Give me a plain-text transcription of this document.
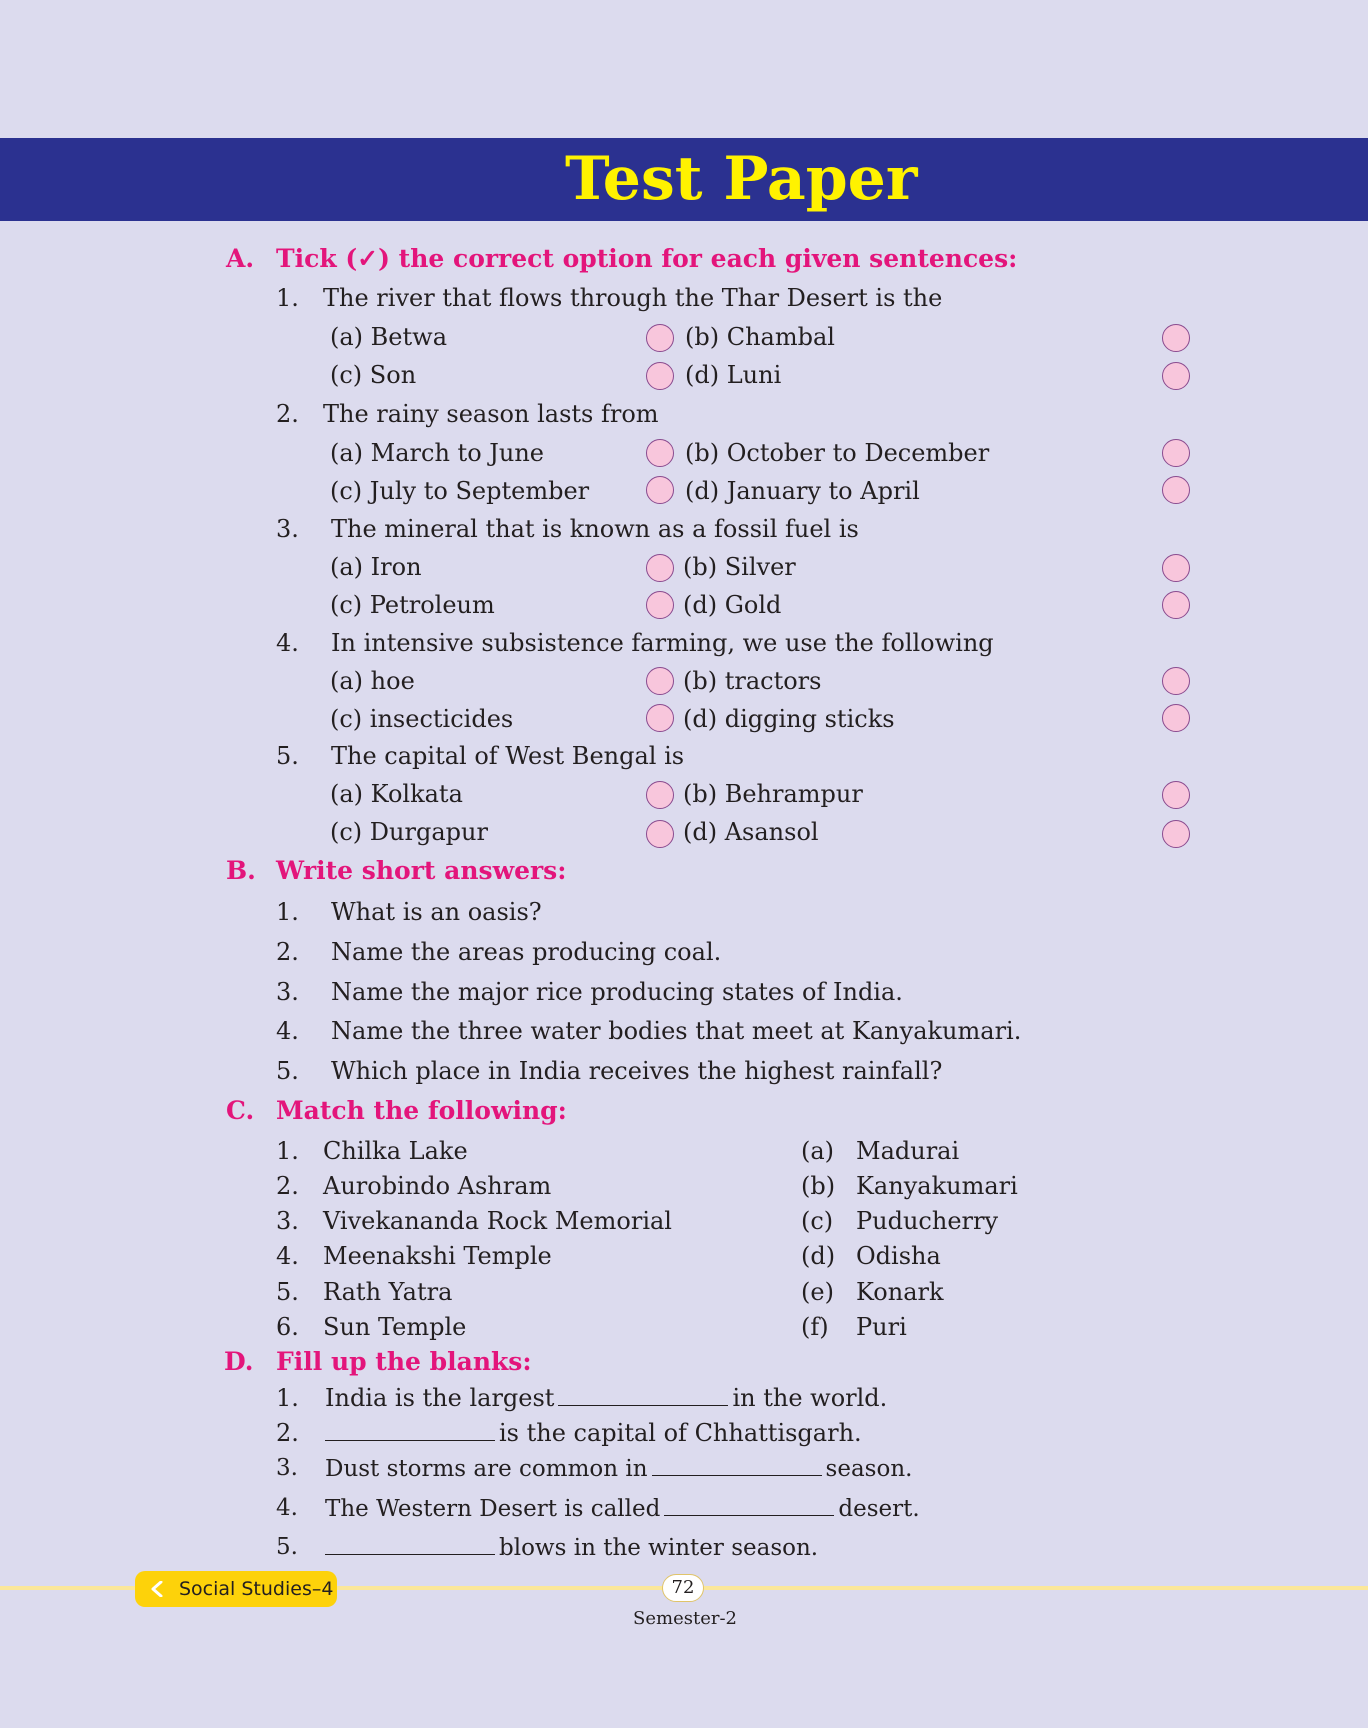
Test Paper
A. Tick (✓) the correct option for each given sentences:
1. The river that flows through the Thar Desert is the
(a) Betwa	(b) Chambal
(c) Son	(d) Luni
2. The rainy season lasts from
(a) March to June	(b) October to December
(c) July to September	(d) January to April
3. The mineral that is known as a fossil fuel is
(a) Iron	(b) Silver
(c) Petroleum	(d) Gold
4. In intensive subsistence farming, we use the following
(a) hoe	(b) tractors
(c) insecticides	(d) digging sticks
5. The capital of West Bengal is
(a) Kolkata	(b) Behrampur
(c) Durgapur	(d) Asansol
B. Write short answers:
1. What is an oasis?
2. Name the areas producing coal.
3. Name the major rice producing states of India.
4. Name the three water bodies that meet at Kanyakumari.
5. Which place in India receives the highest rainfall?
C. Match the following:
1. Chilka Lake	(a) Madurai
2. Aurobindo Ashram	(b) Kanyakumari
3. Vivekananda Rock Memorial	(c) Puducherry
4. Meenakshi Temple	(d) Odisha
5. Rath Yatra	(e) Konark
6. Sun Temple	(f) Puri
D. Fill up the blanks:
1. India is the largest	in the world.
2.	is the capital of Chhattisgarh.
3. Dust storms are common in	season.
4. The Western Desert is called	desert.
5.	blows in the winter season.
Social Studies–4	72
Semester-2
